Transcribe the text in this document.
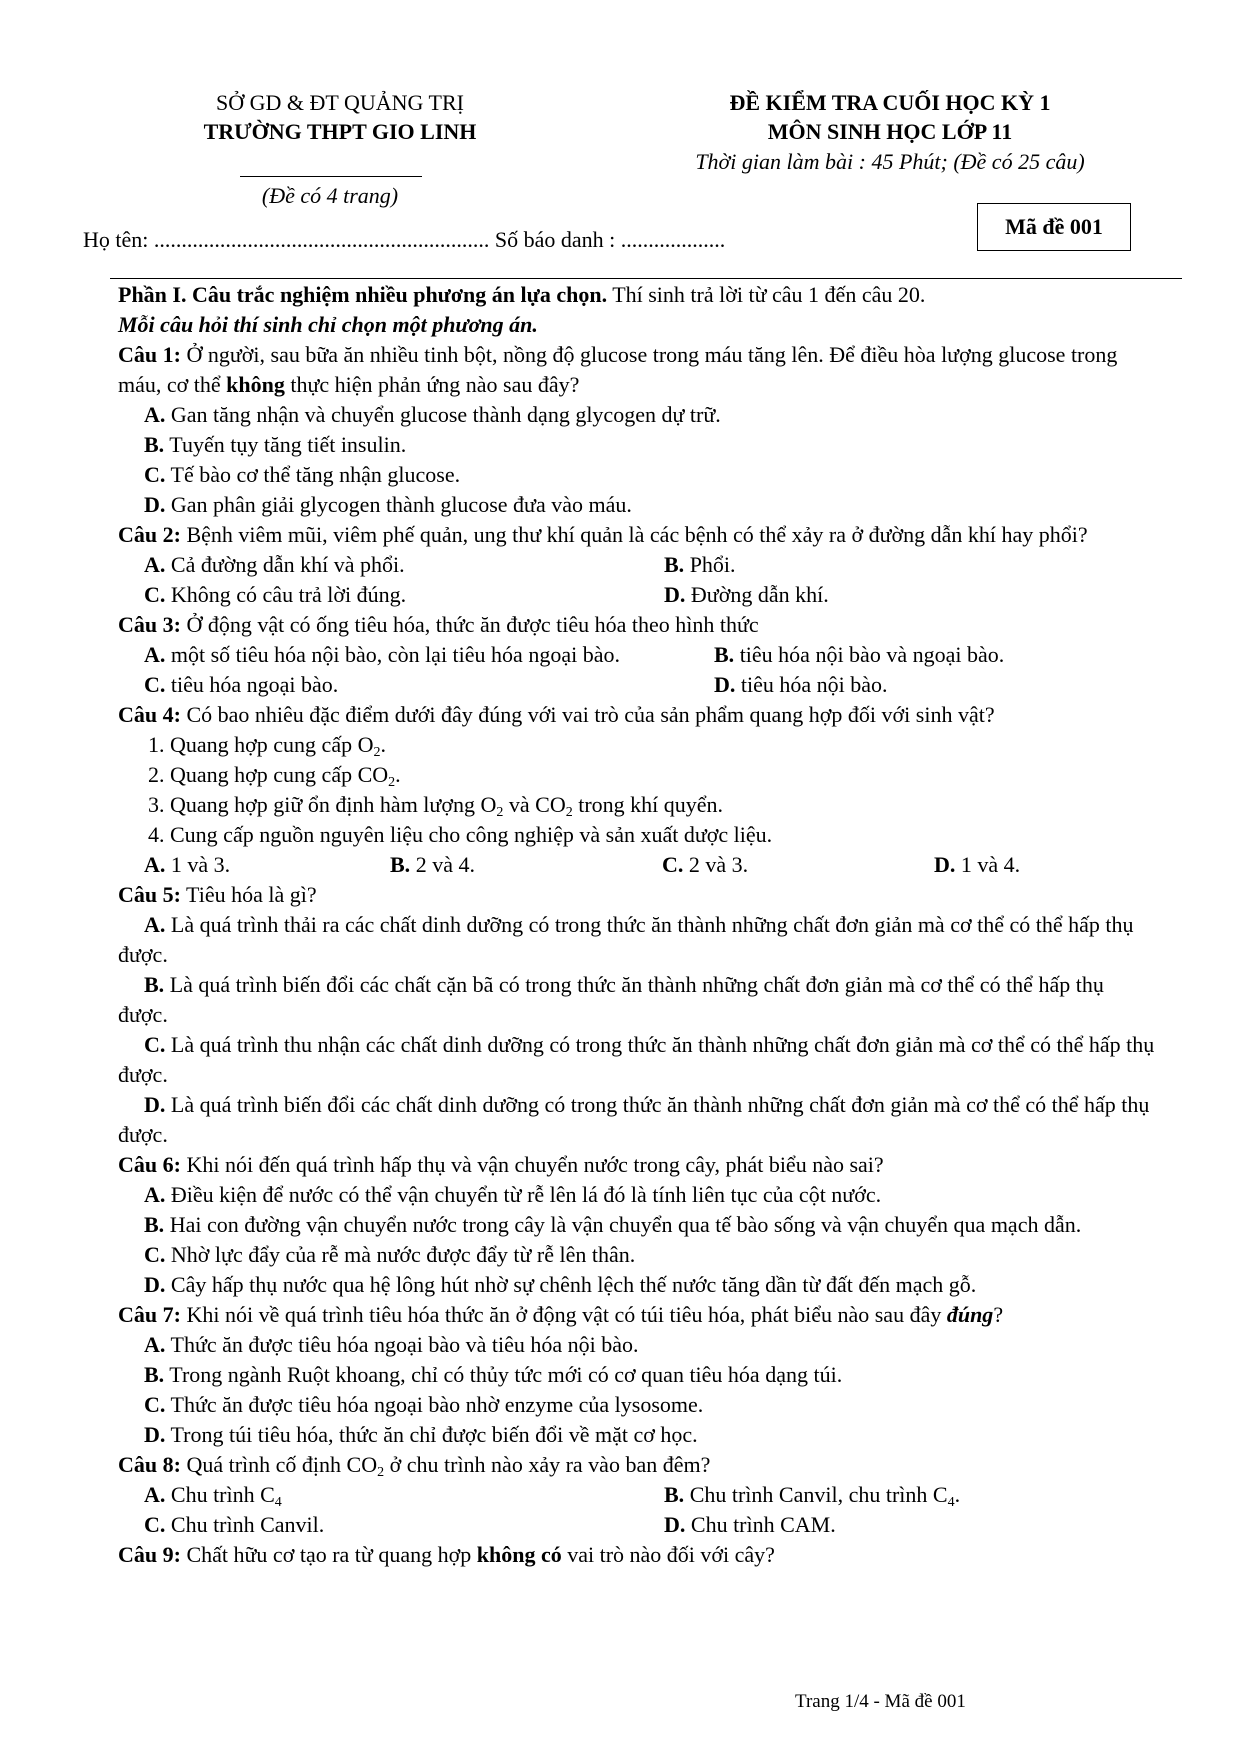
SỞ GD & ĐT QUẢNG TRỊ
TRƯỜNG THPT GIO LINH
(Đề có 4 trang)
ĐỀ KIỂM TRA CUỐI HỌC KỲ 1
MÔN SINH HỌC LỚP 11
Thời gian làm bài : 45 Phút; (Đề có 25 câu)
Mã đề 001
Họ tên: ............................................................. Số báo danh : ...................
Phần I. Câu trắc nghiệm nhiều phương án lựa chọn. Thí sinh trả lời từ câu 1 đến câu 20.
Mỗi câu hỏi thí sinh chỉ chọn một phương án.
Câu 1: Ở người, sau bữa ăn nhiều tinh bột, nồng độ glucose trong máu tăng lên. Để điều hòa lượng glucose trong máu, cơ thể không thực hiện phản ứng nào sau đây?
A. Gan tăng nhận và chuyển glucose thành dạng glycogen dự trữ.
B. Tuyến tụy tăng tiết insulin.
C. Tế bào cơ thể tăng nhận glucose.
D. Gan phân giải glycogen thành glucose đưa vào máu.
Câu 2: Bệnh viêm mũi, viêm phế quản, ung thư khí quản là các bệnh có thể xảy ra ở đường dẫn khí hay phổi?
A. Cả đường dẫn khí và phổi.	B. Phổi.
C. Không có câu trả lời đúng.	D. Đường dẫn khí.
Câu 3: Ở động vật có ống tiêu hóa, thức ăn được tiêu hóa theo hình thức
A. một số tiêu hóa nội bào, còn lại tiêu hóa ngoại bào.	B. tiêu hóa nội bào và ngoại bào.
C. tiêu hóa ngoại bào.	D. tiêu hóa nội bào.
Câu 4: Có bao nhiêu đặc điểm dưới đây đúng với vai trò của sản phẩm quang hợp đối với sinh vật?
1. Quang hợp cung cấp $O_2$.
2. Quang hợp cung cấp $CO_2$.
3. Quang hợp giữ ổn định hàm lượng $O_2$ và $CO_2$ trong khí quyển.
4. Cung cấp nguồn nguyên liệu cho công nghiệp và sản xuất dược liệu.
A. 1 và 3.	B. 2 và 4.	C. 2 và 3.	D. 1 và 4.
Câu 5: Tiêu hóa là gì?
A. Là quá trình thải ra các chất dinh dưỡng có trong thức ăn thành những chất đơn giản mà cơ thể có thể hấp thụ được.
B. Là quá trình biến đổi các chất cặn bã có trong thức ăn thành những chất đơn giản mà cơ thể có thể hấp thụ được.
C. Là quá trình thu nhận các chất dinh dưỡng có trong thức ăn thành những chất đơn giản mà cơ thể có thể hấp thụ được.
D. Là quá trình biến đổi các chất dinh dưỡng có trong thức ăn thành những chất đơn giản mà cơ thể có thể hấp thụ được.
Câu 6: Khi nói đến quá trình hấp thụ và vận chuyển nước trong cây, phát biểu nào sai?
A. Điều kiện để nước có thể vận chuyển từ rễ lên lá đó là tính liên tục của cột nước.
B. Hai con đường vận chuyển nước trong cây là vận chuyển qua tế bào sống và vận chuyển qua mạch dẫn.
C. Nhờ lực đẩy của rễ mà nước được đẩy từ rễ lên thân.
D. Cây hấp thụ nước qua hệ lông hút nhờ sự chênh lệch thế nước tăng dần từ đất đến mạch gỗ.
Câu 7: Khi nói về quá trình tiêu hóa thức ăn ở động vật có túi tiêu hóa, phát biểu nào sau đây đúng?
A. Thức ăn được tiêu hóa ngoại bào và tiêu hóa nội bào.
B. Trong ngành Ruột khoang, chỉ có thủy tức mới có cơ quan tiêu hóa dạng túi.
C. Thức ăn được tiêu hóa ngoại bào nhờ enzyme của lysosome.
D. Trong túi tiêu hóa, thức ăn chỉ được biến đổi về mặt cơ học.
Câu 8: Quá trình cố định $CO_2$ ở chu trình nào xảy ra vào ban đêm?
A. Chu trình $C_4$	B. Chu trình Canvil, chu trình $C_4$.
C. Chu trình Canvil.	D. Chu trình CAM.
Câu 9: Chất hữu cơ tạo ra từ quang hợp không có vai trò nào đối với cây?
Trang 1/4 - Mã đề 001
